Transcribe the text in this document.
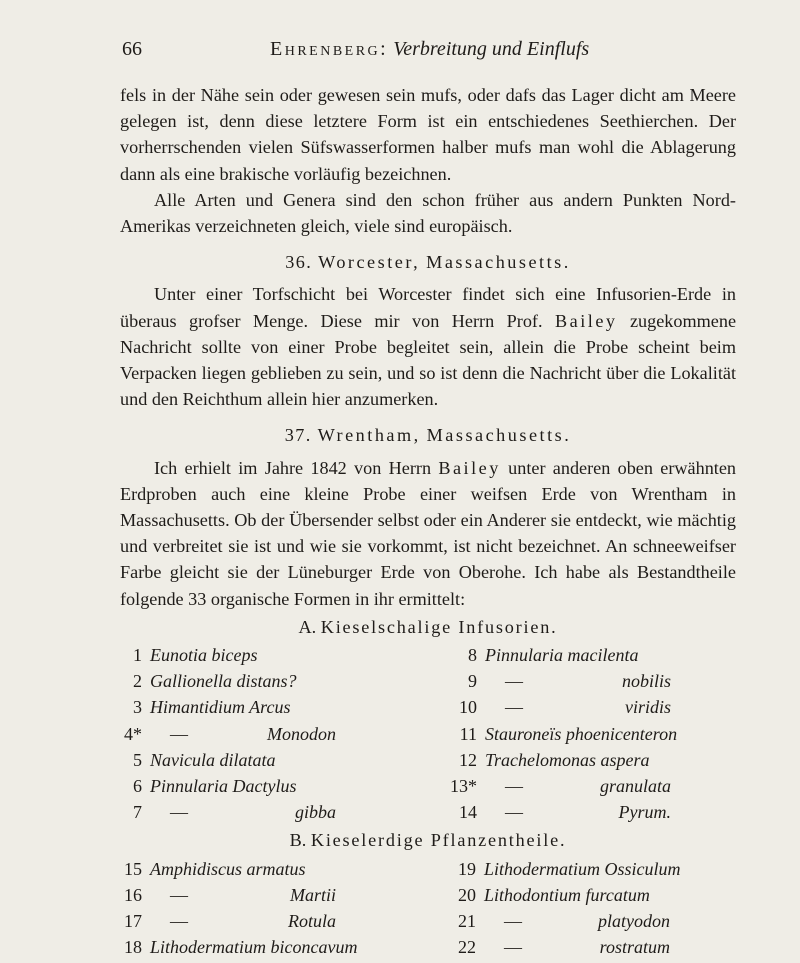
66	Ehrenberg: Verbreitung und Einflufs

fels in der Nähe sein oder gewesen sein mufs, oder dafs das Lager dicht am Meere gelegen ist, denn diese letztere Form ist ein entschiedenes Seethierchen. Der vorherrschenden vielen Süfswasserformen halber mufs man wohl die Ablagerung dann als eine brakische vorläufig bezeichnen.

Alle Arten und Genera sind den schon früher aus andern Punkten Nord-Amerikas verzeichneten gleich, viele sind europäisch.

36. Worcester, Massachusetts.

Unter einer Torfschicht bei Worcester findet sich eine Infusorien-Erde in überaus grofser Menge. Diese mir von Herrn Prof. Bailey zugekommene Nachricht sollte von einer Probe begleitet sein, allein die Probe scheint beim Verpacken liegen geblieben zu sein, und so ist denn die Nachricht über die Lokalität und den Reichthum allein hier anzumerken.

37. Wrentham, Massachusetts.

Ich erhielt im Jahre 1842 von Herrn Bailey unter anderen oben erwähnten Erdproben auch eine kleine Probe einer weifsen Erde von Wrentham in Massachusetts. Ob der Übersender selbst oder ein Anderer sie entdeckt, wie mächtig und verbreitet sie ist und wie sie vorkommt, ist nicht bezeichnet. An schneeweifser Farbe gleicht sie der Lüneburger Erde von Oberohe. Ich habe als Bestandtheile folgende 33 organische Formen in ihr ermittelt:

A. Kieselschalige Infusorien.
1	Eunotia biceps	8	Pinnularia macilenta
2	Gallionella distans?	9	— nobilis
3	Himantidium Arcus	10	— viridis
4*	— Monodon	11	Stauroneïs phoenicenteron
5	Navicula dilatata	12	Trachelomonas aspera
6	Pinnularia Dactylus	13*	— granulata
7	— gibba	14	— Pyrum.
B. Kieselerdige Pflanzentheile.
15	Amphidiscus armatus	19	Lithodermatium Ossiculum
16	— Martii	20	Lithodontium furcatum
17	— Rotula	21	— platyodon
18	Lithodermatium biconcavum	22	— rostratum
